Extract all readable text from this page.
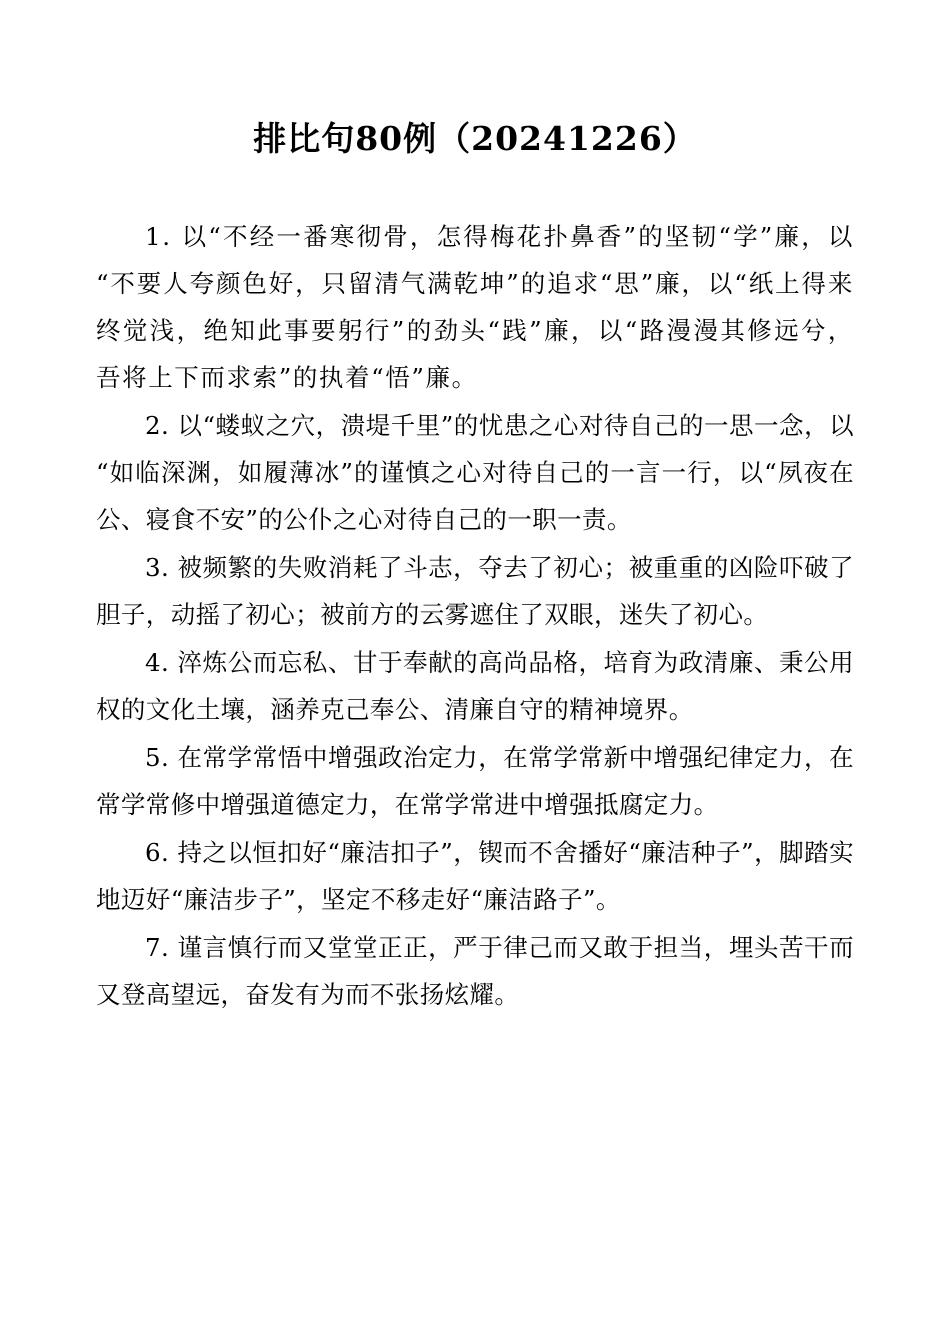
排比句80例（20241226）

1. 以“不经一番寒彻骨，怎得梅花扑鼻香”的坚韧“学”廉，以“不要人夸颜色好，只留清气满乾坤”的追求“思”廉，以“纸上得来终觉浅，绝知此事要躬行”的劲头“践”廉，以“路漫漫其修远兮，吾将上下而求索”的执着“悟”廉。

2. 以“蝼蚁之穴，溃堤千里”的忧患之心对待自己的一思一念，以“如临深渊，如履薄冰”的谨慎之心对待自己的一言一行，以“夙夜在公、寝食不安”的公仆之心对待自己的一职一责。

3. 被频繁的失败消耗了斗志，夺去了初心；被重重的凶险吓破了胆子，动摇了初心；被前方的云雾遮住了双眼，迷失了初心。

4. 淬炼公而忘私、甘于奉献的高尚品格，培育为政清廉、秉公用权的文化土壤，涵养克己奉公、清廉自守的精神境界。

5. 在常学常悟中增强政治定力，在常学常新中增强纪律定力，在常学常修中增强道德定力，在常学常进中增强抵腐定力。

6. 持之以恒扣好“廉洁扣子”，锲而不舍播好“廉洁种子”，脚踏实地迈好“廉洁步子”，坚定不移走好“廉洁路子”。

7. 谨言慎行而又堂堂正正，严于律己而又敢于担当，埋头苦干而又登高望远，奋发有为而不张扬炫耀。
